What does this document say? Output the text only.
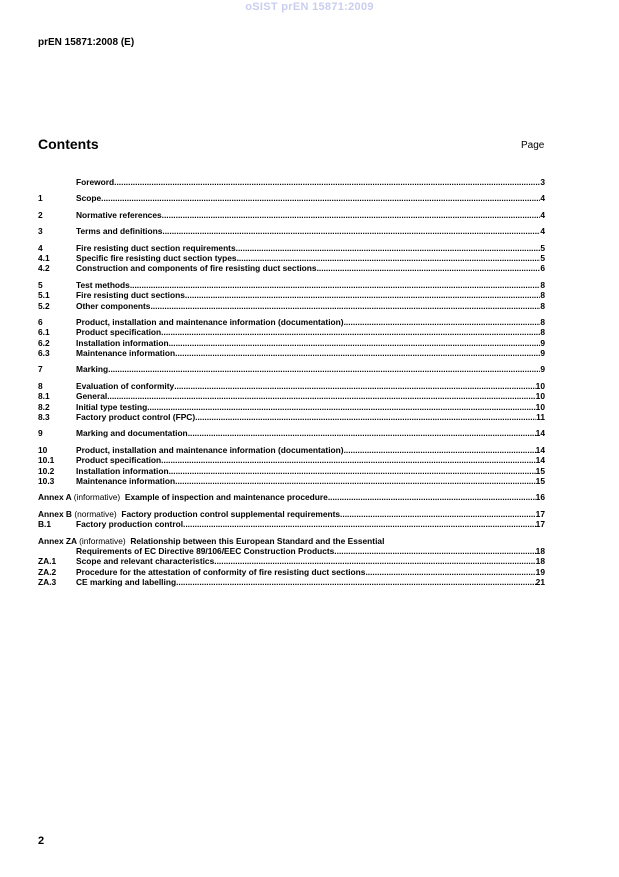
oSIST prEN 15871:2009
prEN 15871:2008 (E)
Contents	Page
Foreword .....	3
1	Scope .....	4
2	Normative references .....	4
3	Terms and definitions .....	4
4	Fire resisting duct section requirements .....	5
4.1	Specific fire resisting duct section types .....	5
4.2	Construction and components of fire resisting duct sections .....	6
5	Test methods .....	8
5.1	Fire resisting duct sections .....	8
5.2	Other components .....	8
6	Product, installation and maintenance information (documentation) .....	8
6.1	Product specification .....	8
6.2	Installation information .....	9
6.3	Maintenance information .....	9
7	Marking .....	9
8	Evaluation of conformity .....	10
8.1	General .....	10
8.2	Initial type testing .....	10
8.3	Factory product control (FPC) .....	11
9	Marking and documentation .....	14
10	Product, installation and maintenance information (documentation) .....	14
10.1	Product specification .....	14
10.2	Installation information .....	15
10.3	Maintenance information .....	15
Annex A (informative) Example of inspection and maintenance procedure .....	16
Annex B (normative) Factory production control supplemental requirements .....	17
B.1	Factory production control .....	17
Annex ZA (informative) Relationship between this European Standard and the Essential
Requirements of EC Directive 89/106/EEC Construction Products .....	18
ZA.1	Scope and relevant characteristics .....	18
ZA.2	Procedure for the attestation of conformity of fire resisting duct sections .....	19
ZA.3	CE marking and labelling .....	21
2
